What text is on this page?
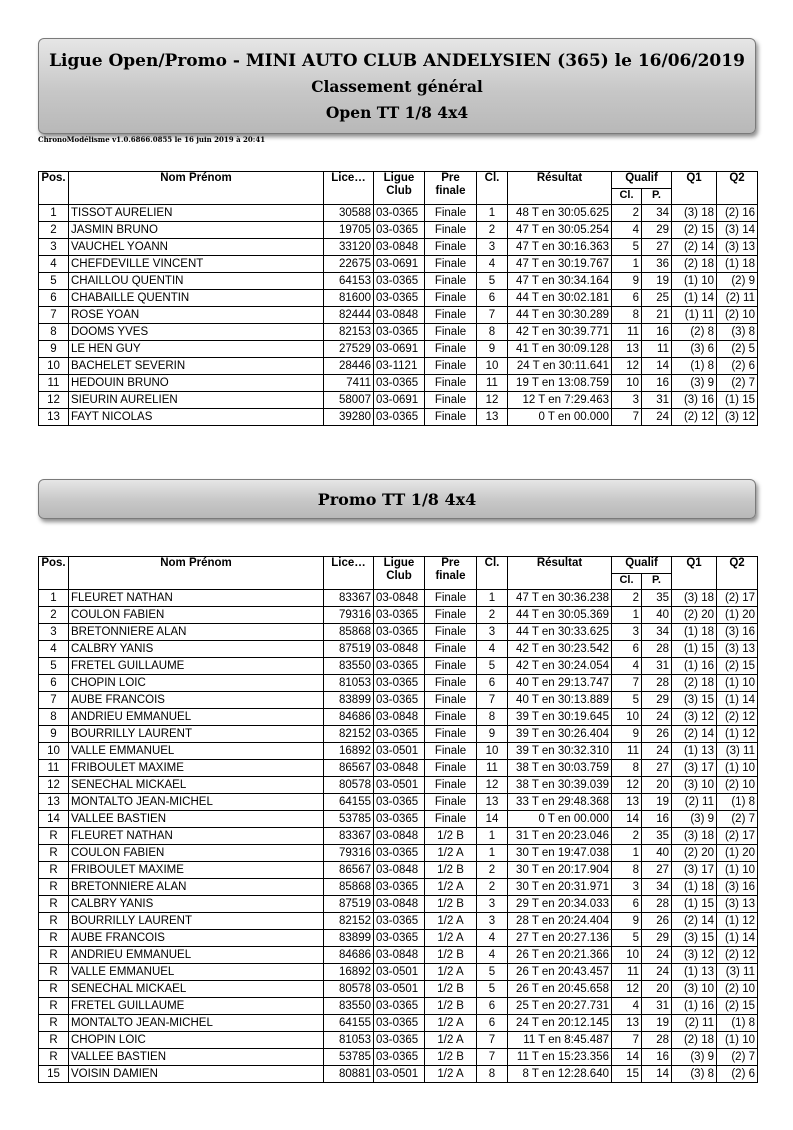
Ligue Open/Promo - MINI AUTO CLUB ANDELYSIEN (365) le 16/06/2019
Classement général
Open TT 1/8 4x4
ChronoModélisme v1.0.6866.0855 le 16 juin 2019 à 20:41
Pos.	Nom Prénom	Lice…	Ligue
Club	Pre
finale	Cl.	Résultat	Qualif		Q1	Q2
							Cl.	P.		
1	TISSOT AURELIEN	30588	03-0365	Finale	1	48 T en 30:05.625	2	34	(3) 18	(2) 16
2	JASMIN BRUNO	19705	03-0365	Finale	2	47 T en 30:05.254	4	29	(2) 15	(3) 14
3	VAUCHEL YOANN	33120	03-0848	Finale	3	47 T en 30:16.363	5	27	(2) 14	(3) 13
4	CHEFDEVILLE VINCENT	22675	03-0691	Finale	4	47 T en 30:19.767	1	36	(2) 18	(1) 18
5	CHAILLOU QUENTIN	64153	03-0365	Finale	5	47 T en 30:34.164	9	19	(1) 10	(2) 9
6	CHABAILLE QUENTIN	81600	03-0365	Finale	6	44 T en 30:02.181	6	25	(1) 14	(2) 11
7	ROSE YOAN	82444	03-0848	Finale	7	44 T en 30:30.289	8	21	(1) 11	(2) 10
8	DOOMS YVES	82153	03-0365	Finale	8	42 T en 30:39.771	11	16	(2) 8	(3) 8
9	LE HEN GUY	27529	03-0691	Finale	9	41 T en 30:09.128	13	11	(3) 6	(2) 5
10	BACHELET SEVERIN	28446	03-1121	Finale	10	24 T en 30:11.641	12	14	(1) 8	(2) 6
11	HEDOUIN BRUNO	7411	03-0365	Finale	11	19 T en 13:08.759	10	16	(3) 9	(2) 7
12	SIEURIN AURELIEN	58007	03-0691	Finale	12	12 T en 7:29.463	3	31	(3) 16	(1) 15
13	FAYT NICOLAS	39280	03-0365	Finale	13	0 T en 00.000	7	24	(2) 12	(3) 12
Promo TT 1/8 4x4
Pos.	Nom Prénom	Lice…	Ligue
Club	Pre
finale	Cl.	Résultat	Qualif		Q1	Q2
							Cl.	P.		
1	FLEURET NATHAN	83367	03-0848	Finale	1	47 T en 30:36.238	2	35	(3) 18	(2) 17
2	COULON FABIEN	79316	03-0365	Finale	2	44 T en 30:05.369	1	40	(2) 20	(1) 20
3	BRETONNIERE ALAN	85868	03-0365	Finale	3	44 T en 30:33.625	3	34	(1) 18	(3) 16
4	CALBRY YANIS	87519	03-0848	Finale	4	42 T en 30:23.542	6	28	(1) 15	(3) 13
5	FRETEL GUILLAUME	83550	03-0365	Finale	5	42 T en 30:24.054	4	31	(1) 16	(2) 15
6	CHOPIN LOIC	81053	03-0365	Finale	6	40 T en 29:13.747	7	28	(2) 18	(1) 10
7	AUBE FRANCOIS	83899	03-0365	Finale	7	40 T en 30:13.889	5	29	(3) 15	(1) 14
8	ANDRIEU EMMANUEL	84686	03-0848	Finale	8	39 T en 30:19.645	10	24	(3) 12	(2) 12
9	BOURRILLY LAURENT	82152	03-0365	Finale	9	39 T en 30:26.404	9	26	(2) 14	(1) 12
10	VALLE EMMANUEL	16892	03-0501	Finale	10	39 T en 30:32.310	11	24	(1) 13	(3) 11
11	FRIBOULET MAXIME	86567	03-0848	Finale	11	38 T en 30:03.759	8	27	(3) 17	(1) 10
12	SENECHAL MICKAEL	80578	03-0501	Finale	12	38 T en 30:39.039	12	20	(3) 10	(2) 10
13	MONTALTO JEAN-MICHEL	64155	03-0365	Finale	13	33 T en 29:48.368	13	19	(2) 11	(1) 8
14	VALLEE BASTIEN	53785	03-0365	Finale	14	0 T en 00.000	14	16	(3) 9	(2) 7
R	FLEURET NATHAN	83367	03-0848	1/2 B	1	31 T en 20:23.046	2	35	(3) 18	(2) 17
R	COULON FABIEN	79316	03-0365	1/2 A	1	30 T en 19:47.038	1	40	(2) 20	(1) 20
R	FRIBOULET MAXIME	86567	03-0848	1/2 B	2	30 T en 20:17.904	8	27	(3) 17	(1) 10
R	BRETONNIERE ALAN	85868	03-0365	1/2 A	2	30 T en 20:31.971	3	34	(1) 18	(3) 16
R	CALBRY YANIS	87519	03-0848	1/2 B	3	29 T en 20:34.033	6	28	(1) 15	(3) 13
R	BOURRILLY LAURENT	82152	03-0365	1/2 A	3	28 T en 20:24.404	9	26	(2) 14	(1) 12
R	AUBE FRANCOIS	83899	03-0365	1/2 A	4	27 T en 20:27.136	5	29	(3) 15	(1) 14
R	ANDRIEU EMMANUEL	84686	03-0848	1/2 B	4	26 T en 20:21.366	10	24	(3) 12	(2) 12
R	VALLE EMMANUEL	16892	03-0501	1/2 A	5	26 T en 20:43.457	11	24	(1) 13	(3) 11
R	SENECHAL MICKAEL	80578	03-0501	1/2 B	5	26 T en 20:45.658	12	20	(3) 10	(2) 10
R	FRETEL GUILLAUME	83550	03-0365	1/2 B	6	25 T en 20:27.731	4	31	(1) 16	(2) 15
R	MONTALTO JEAN-MICHEL	64155	03-0365	1/2 A	6	24 T en 20:12.145	13	19	(2) 11	(1) 8
R	CHOPIN LOIC	81053	03-0365	1/2 A	7	11 T en 8:45.487	7	28	(2) 18	(1) 10
R	VALLEE BASTIEN	53785	03-0365	1/2 B	7	11 T en 15:23.356	14	16	(3) 9	(2) 7
15	VOISIN DAMIEN	80881	03-0501	1/2 A	8	8 T en 12:28.640	15	14	(3) 8	(2) 6
